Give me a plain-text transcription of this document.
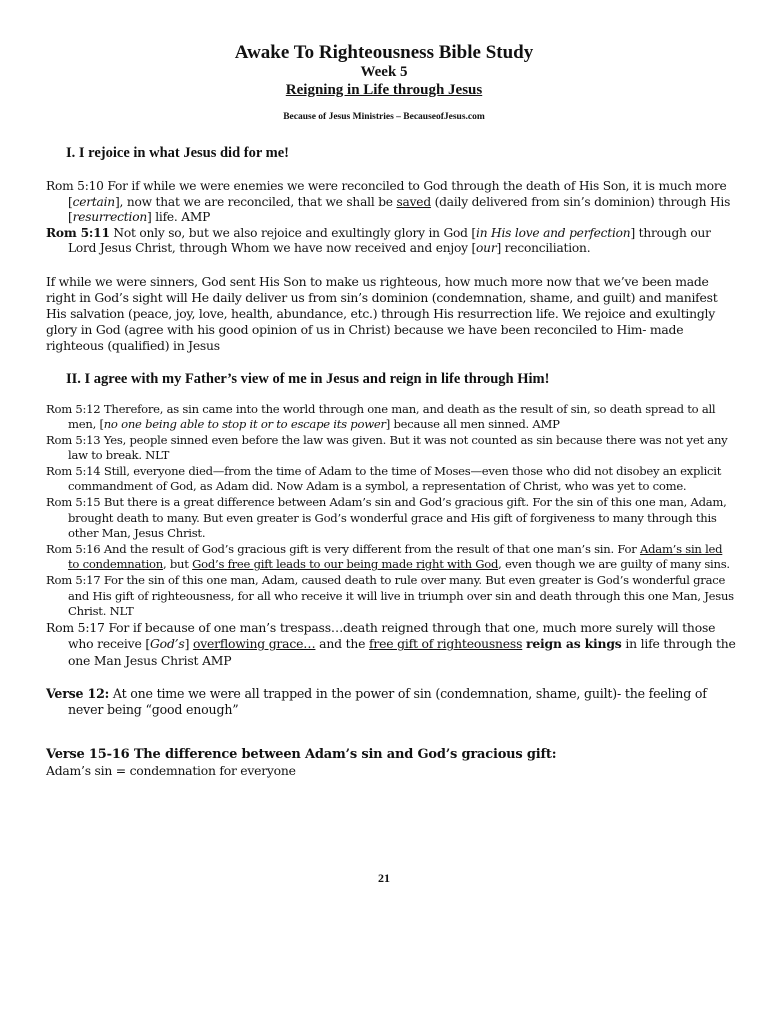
Awake To Righteousness Bible Study
Week 5
Reigning in Life through Jesus
Because of Jesus Ministries – BecauseofJesus.com
I. I rejoice in what Jesus did for me!
Rom 5:10 For if while we were enemies we were reconciled to God through the death of His Son, it is much more [certain], now that we are reconciled, that we shall be saved (daily delivered from sin’s dominion) through His [resurrection] life. AMP
Rom 5:11 Not only so, but we also rejoice and exultingly glory in God [in His love and perfection] through our Lord Jesus Christ, through Whom we have now received and enjoy [our] reconciliation.
If while we were sinners, God sent His Son to make us righteous, how much more now that we’ve been made right in God’s sight will He daily deliver us from sin’s dominion (condemnation, shame, and guilt) and manifest His salvation (peace, joy, love, health, abundance, etc.) through His resurrection life. We rejoice and exultingly glory in God (agree with his good opinion of us in Christ) because we have been reconciled to Him- made righteous (qualified) in Jesus
II. I agree with my Father’s view of me in Jesus and reign in life through Him!
Rom 5:12 Therefore, as sin came into the world through one man, and death as the result of sin, so death spread to all men, [no one being able to stop it or to escape its power] because all men sinned. AMP
Rom 5:13 Yes, people sinned even before the law was given. But it was not counted as sin because there was not yet any law to break. NLT
Rom 5:14 Still, everyone died—from the time of Adam to the time of Moses—even those who did not disobey an explicit commandment of God, as Adam did. Now Adam is a symbol, a representation of Christ, who was yet to come.
Rom 5:15 But there is a great difference between Adam’s sin and God’s gracious gift. For the sin of this one man, Adam, brought death to many. But even greater is God’s wonderful grace and His gift of forgiveness to many through this other Man, Jesus Christ.
Rom 5:16 And the result of God’s gracious gift is very different from the result of that one man’s sin. For Adam’s sin led to condemnation, but God’s free gift leads to our being made right with God, even though we are guilty of many sins.
Rom 5:17 For the sin of this one man, Adam, caused death to rule over many. But even greater is God’s wonderful grace and His gift of righteousness, for all who receive it will live in triumph over sin and death through this one Man, Jesus Christ. NLT
Rom 5:17 For if because of one man’s trespass…death reigned through that one, much more surely will those who receive [God’s] overflowing grace… and the free gift of righteousness reign as kings in life through the one Man Jesus Christ AMP
Verse 12: At one time we were all trapped in the power of sin (condemnation, shame, guilt)- the feeling of never being “good enough”
Verse 15-16 The difference between Adam’s sin and God’s gracious gift:
Adam’s sin = condemnation for everyone
21
